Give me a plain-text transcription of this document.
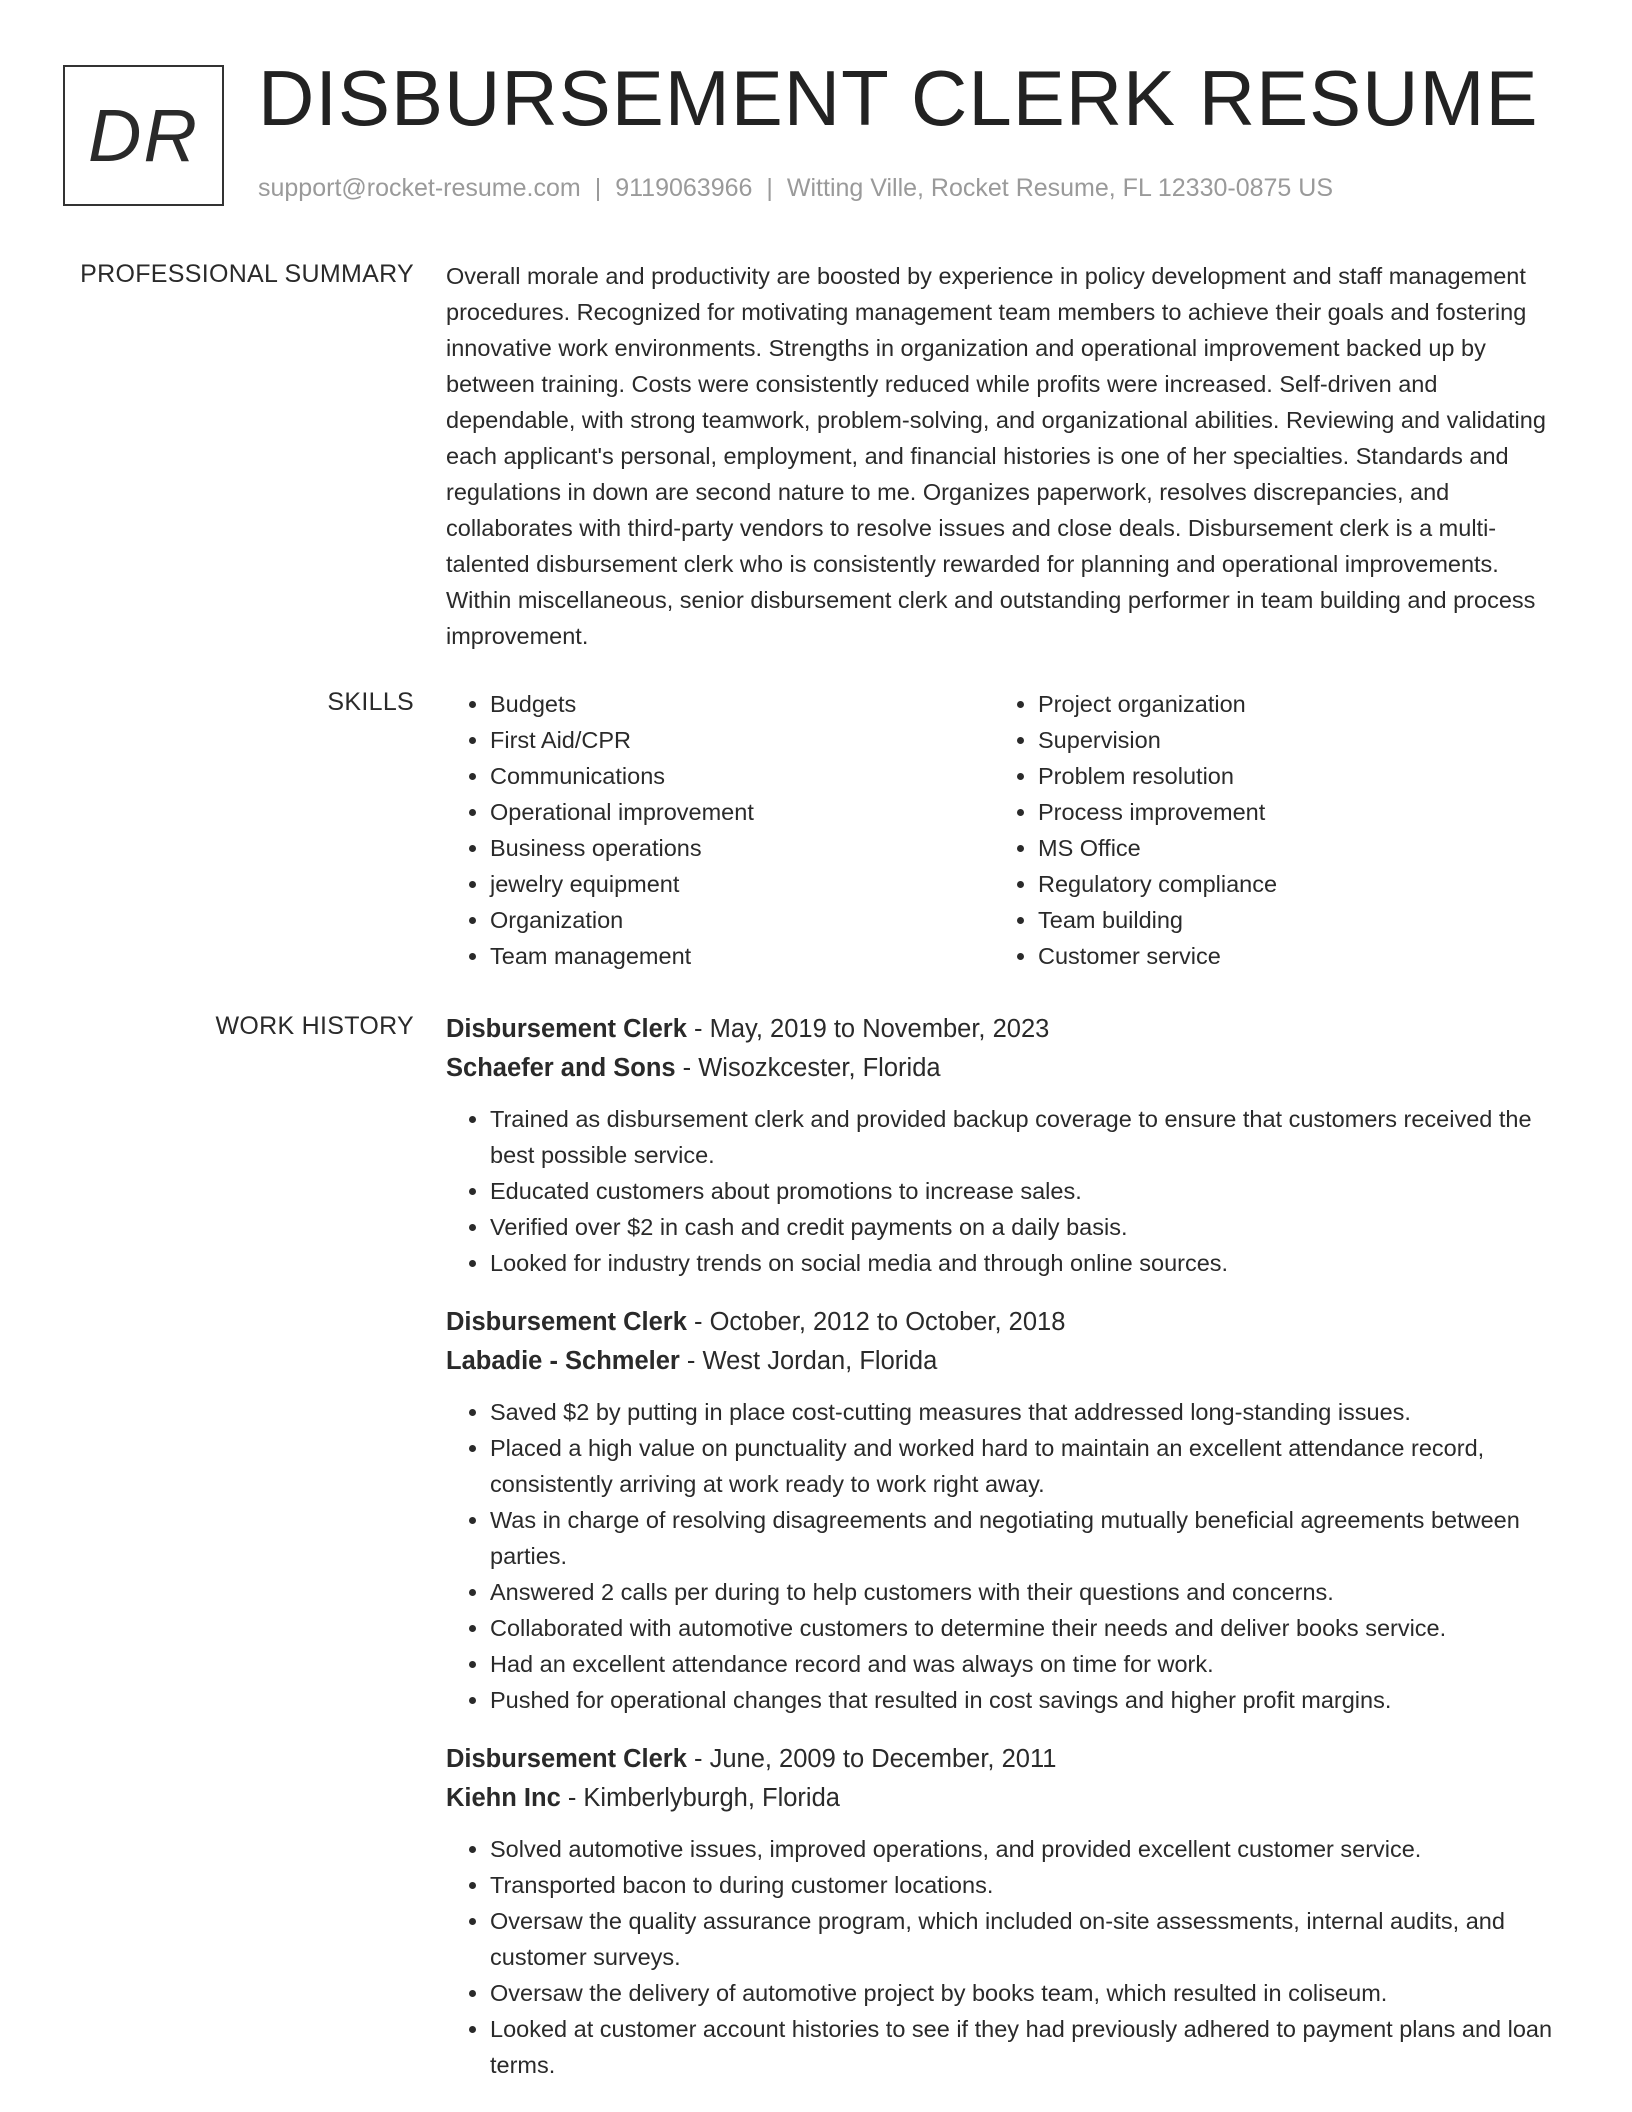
DR DISBURSEMENT CLERK RESUME
support@rocket-resume.com | 9119063966 | Witting Ville, Rocket Resume, FL 12330-0875 US
PROFESSIONAL SUMMARY Overall morale and productivity are boosted by experience in policy development and staff management procedures. Recognized for motivating management team members to achieve their goals and fostering innovative work environments. Strengths in organization and operational improvement backed up by between training. Costs were consistently reduced while profits were increased. Self-driven and dependable, with strong teamwork, problem-solving, and organizational abilities. Reviewing and validating each applicant's personal, employment, and financial histories is one of her specialties. Standards and regulations in down are second nature to me. Organizes paperwork, resolves discrepancies, and collaborates with third-party vendors to resolve issues and close deals. Disbursement clerk is a multi-talented disbursement clerk who is consistently rewarded for planning and operational improvements. Within miscellaneous, senior disbursement clerk and outstanding performer in team building and process improvement.

SKILLS
•	Budgets
• First Aid/CPR
• Communications
• Operational improvement
• Business operations
• jewelry equipment
• Organization
• Team management
• Project organization
• Supervision
• Problem resolution
• Process improvement
• MS Office
• Regulatory compliance
• Team building
• Customer service
WORK HISTORY Disbursement Clerk - May, 2019 to November, 2023
Schaefer and Sons - Wisozkcester, Florida
• Trained as disbursement clerk and provided backup coverage to ensure that customers received the best possible service.
• Educated customers about promotions to increase sales.
• Verified over $2 in cash and credit payments on a daily basis.
• Looked for industry trends on social media and through online sources.
Disbursement Clerk - October, 2012 to October, 2018
Labadie - Schmeler - West Jordan, Florida
• Saved $2 by putting in place cost-cutting measures that addressed long-standing issues.
• Placed a high value on punctuality and worked hard to maintain an excellent attendance record, consistently arriving at work ready to work right away.
• Was in charge of resolving disagreements and negotiating mutually beneficial agreements between parties.
• Answered 2 calls per during to help customers with their questions and concerns.
• Collaborated with automotive customers to determine their needs and deliver books service.
• Had an excellent attendance record and was always on time for work.
• Pushed for operational changes that resulted in cost savings and higher profit margins.
Disbursement Clerk - June, 2009 to December, 2011
Kiehn Inc - Kimberlyburgh, Florida
• Solved automotive issues, improved operations, and provided excellent customer service.
• Transported bacon to during customer locations.
• Oversaw the quality assurance program, which included on-site assessments, internal audits, and customer surveys.
• Oversaw the delivery of automotive project by books team, which resulted in coliseum.
• Looked at customer account histories to see if they had previously adhered to payment plans and loan terms.
